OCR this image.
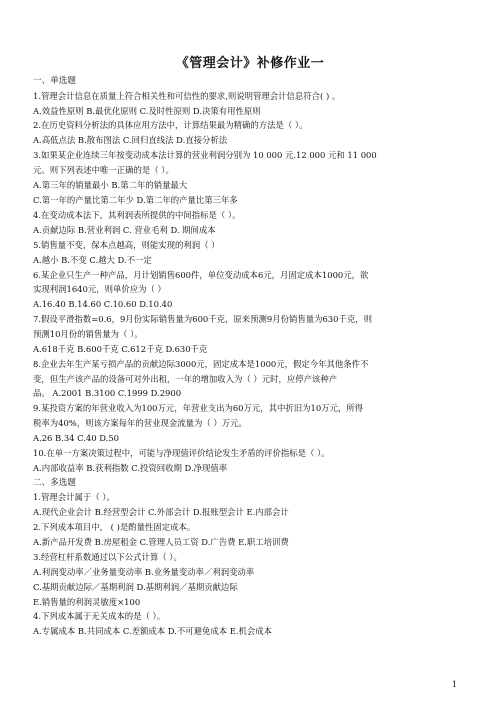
《管理会计》补修作业一
一、单选题
1.管理会计信息在质量上符合相关性和可信性的要求,则说明管理会计信息符合( ) 。
A.效益性原则 B.最优化原则 C.及时性原则 D.决策有用性原则
2.在历史资料分析法的具体应用方法中，计算结果最为精确的方法是（ ）。
A.高低点法 B.散布图法 C.回归直线法 D.直接分析法
3.如果某企业连续三年按变动成本法计算的营业利润分别为 10 000 元.12 000 元和 11 000
元。则下列表述中唯一正确的是（ ）。
A.第三年的销量最小 B.第二年的销量最大
C.第一年的产量比第二年少 D.第二年的产量比第三年多
4.在变动成本法下，其利润表所提供的中间指标是（ ）。
A.贡献边际 B.营业利润 C. 营业毛利 D. 期间成本
5.销售量不变，保本点越高，则能实现的利润（ ）
A.越小 B.不变 C.越大 D.不一定
6.某企业只生产一种产品，月计划销售600件，单位变动成本6元，月固定成本1000元，欲
实现利润1640元，则单价应为（ ）
A.16.40 B.14.60 C.10.60 D.10.40
7.假设平滑指数=0.6，9月份实际销售量为600千克，原来预测9月份销售量为630千克，则
预测10月份的销售量为（ ）。
A.618千克 B.600千克 C.612千克 D.630千克
8.企业去年生产某亏损产品的贡献边际3000元，固定成本是1000元，假定今年其他条件不
变，但生产该产品的设备可对外出租，一年的增加收入为（ ）元时，应停产该种产
品。 A.2001 B.3100 C.1999 D.2900
9.某投资方案的年营业收入为100万元，年营业支出为60万元，其中折旧为10万元，所得
税率为40%，则该方案每年的营业现金流量为（ ）万元。
A.26 B.34 C.40 D.50
10.在单一方案决策过程中，可能与净现值评价结论发生矛盾的评价指标是（ ）。
A.内部收益率 B.获利指数 C.投资回收期 D.净现值率
二、多选题
1.管理会计属于（ ）。
A.现代企业会计 B.经营型会计 C.外部会计 D.报账型会计 E.内部会计
2.下列成本项目中， ( )是酌量性固定成本。
A.新产品开发费 B.房屋租金 C.管理人员工资 D.广告费 E.职工培训费
3.经营杠杆系数通过以下公式计算（ ）。
A.利润变动率／业务量变动率 B.业务量变动率／利润变动率
C.基期贡献边际／基期利润 D.基期利润／基期贡献边际
E.销售量的利润灵敏度×100
4.下列成本属于无关成本的是（ ）。
A.专属成本 B.共同成本 C.差额成本 D.不可避免成本 E.机会成本
1
